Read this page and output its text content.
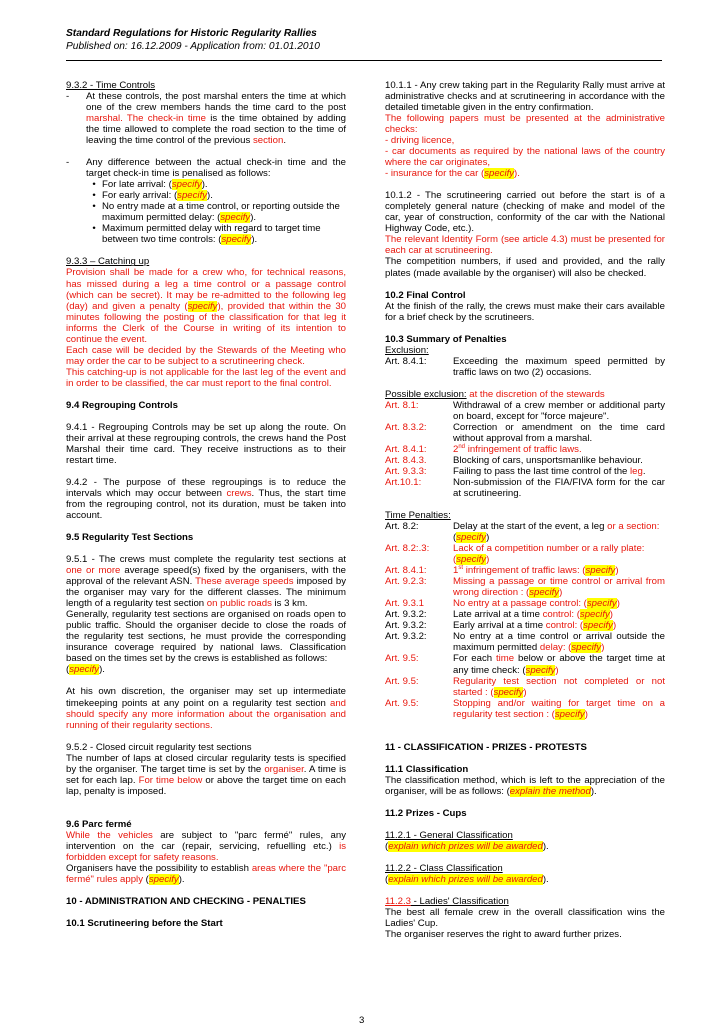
Standard Regulations for Historic Regularity Rallies
Published on: 16.12.2009 - Application from: 01.01.2010

9.3.2 - Time Controls

-	At these controls, the post marshal enters the time at which one of the crew members hands the time card to the post marshal. The check-in time is the time obtained by adding the time allowed to complete the road section to the time of leaving the time control of the previous section.
-	Any difference between the actual check-in time and the target check-in time is penalised as follows:
• For late arrival: (specify).
• For early arrival: (specify).
• No entry made at a time control, or reporting outside the maximum permitted delay: (specify).
• Maximum permitted delay with regard to target time between two time controls: (specify).

9.3.3 – Catching up

Provision shall be made for a crew who, for technical reasons, has missed during a leg a time control or a passage control (which can be secret). It may be re-admitted to the following leg (day) and given a penalty (specify), provided that within the 30 minutes following the posting of the classification for that leg it informs the Clerk of the Course in writing of its intention to continue the event.

Each case will be decided by the Stewards of the Meeting who may order the car to be subject to a scrutineering check.

This catching-up is not applicable for the last leg of the event and in order to be classified, the car must report to the final control.

9.4 Regrouping Controls

9.4.1 - Regrouping Controls may be set up along the route. On their arrival at these regrouping controls, the crews hand the Post Marshal their time card. They receive instructions as to their restart time.

9.4.2 - The purpose of these regroupings is to reduce the intervals which may occur between crews. Thus, the start time from the regrouping control, not its duration, must be taken into account.

9.5 Regularity Test Sections

9.5.1 - The crews must complete the regularity test sections at one or more average speed(s) fixed by the organisers, with the approval of the relevant ASN. These average speeds imposed by the organiser may vary for the different classes. The minimum length of a regularity test section on public roads is 3 km.

Generally, regularity test sections are organised on roads open to public traffic. Should the organiser decide to close the roads of the regularity test sections, he must provide the corresponding insurance coverage required by national laws. Classification based on the times set by the crews is established as follows:

(specify).

At his own discretion, the organiser may set up intermediate timekeeping points at any point on a regularity test section and should specify any more information about the organisation and running of their regularity sections.

9.5.2 - Closed circuit regularity test sections

The number of laps at closed circular regularity tests is specified by the organiser. The target time is set by the organiser. A time is set for each lap. For time below or above the target time on each lap, penalty is imposed.

9.6 Parc fermé

While the vehicles are subject to "parc fermé" rules, any intervention on the car (repair, servicing, refuelling etc.) is forbidden except for safety reasons.

Organisers have the possibility to establish areas where the "parc fermé" rules apply (specify).

10 - ADMINISTRATION AND CHECKING - PENALTIES

10.1 Scrutineering before the Start

10.1.1 - Any crew taking part in the Regularity Rally must arrive at administrative checks and at scrutineering in accordance with the detailed timetable given in the entry confirmation.

The following papers must be presented at the administrative checks:

- driving licence,

- car documents as required by the national laws of the country where the car originates,

- insurance for the car (specify).

10.1.2 - The scrutineering carried out before the start is of a completely general nature (checking of make and model of the car, year of construction, conformity of the car with the National Highway Code, etc.).

The relevant Identity Form (see article 4.3) must be presented for each car at scrutineering.

The competition numbers, if used and provided, and the rally plates (made available by the organiser) will also be checked.

10.2 Final Control

At the finish of the rally, the crews must make their cars available for a brief check by the scrutineers.

10.3 Summary of Penalties

Exclusion:

Art. 8.4.1:	Exceeding the maximum speed permitted by traffic laws on two (2) occasions.

Possible exclusion: at the discretion of the stewards

Art. 8.1:	Withdrawal of a crew member or additional party on board, except for "force majeure".
Art. 8.3.2:	Correction or amendment on the time card without approval from a marshal.
Art. 8.4.1:	2nd infringement of traffic laws.
Art. 8.4.3.	Blocking of cars, unsportsmanlike behaviour.
Art. 9.3.3:	Failing to pass the last time control of the leg.
Art.10.1:	Non-submission of the FIA/FIVA form for the car at scrutineering.

Time Penalties:

Art. 8.2:	Delay at the start of the event, a leg or a section:
(specify)
Art. 8.2:.3:	Lack of a competition number or a rally plate:
(specify)
Art. 8.4.1:	1st infringement of traffic laws: (specify)
Art. 9.2.3:	Missing a passage or time control or arrival from wrong direction : (specify)
Art. 9.3.1	No entry at a passage control: (specify)
Art. 9.3.2:	Late arrival at a time control: (specify)
Art. 9.3.2:	Early arrival at a time control: (specify)
Art. 9.3.2:	No entry at a time control or arrival outside the maximum permitted delay: (specify)
Art. 9.5:	For each time below or above the target time at any time check: (specify)
Art. 9.5:	Regularity test section not completed or not started : (specify)
Art. 9.5:	Stopping and/or waiting for target time on a regularity test section : (specify)

11 - CLASSIFICATION - PRIZES - PROTESTS

11.1 Classification

The classification method, which is left to the appreciation of the organiser, will be as follows: (explain the method).

11.2 Prizes - Cups

11.2.1 - General Classification

(explain which prizes will be awarded).

11.2.2 - Class Classification

(explain which prizes will be awarded).

11.2.3 - Ladies' Classification

The best all female crew in the overall classification wins the Ladies' Cup.

The organiser reserves the right to award further prizes.

3
